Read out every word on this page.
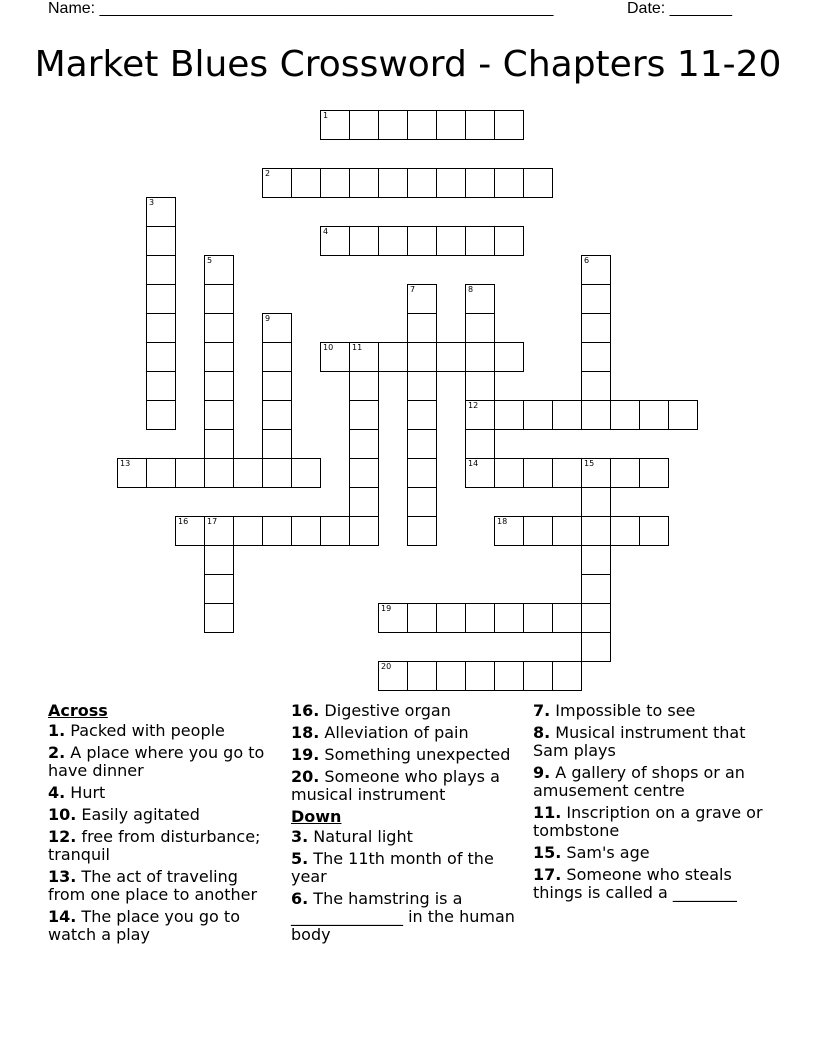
Name: ___________________________________________________	Date: _______
Market Blues Crossword - Chapters 11-20
1
2
3
4
5	6
7	8
9
10 11
12
13	14	15
16 17	18
19
20
Across
1. Packed with people
2. A place where you go to have dinner
4. Hurt
10. Easily agitated
12. free from disturbance; tranquil
13. The act of traveling from one place to another
14. The place you go to watch a play
16. Digestive organ
18. Alleviation of pain
19. Something unexpected
20. Someone who plays a musical instrument
Down
3. Natural light
5. The 11th month of the year
6. The hamstring is a ______________ in the human body
7. Impossible to see
8. Musical instrument that Sam plays
9. A gallery of shops or an amusement centre
11. Inscription on a grave or tombstone
15. Sam's age
17. Someone who steals things is called a ________
